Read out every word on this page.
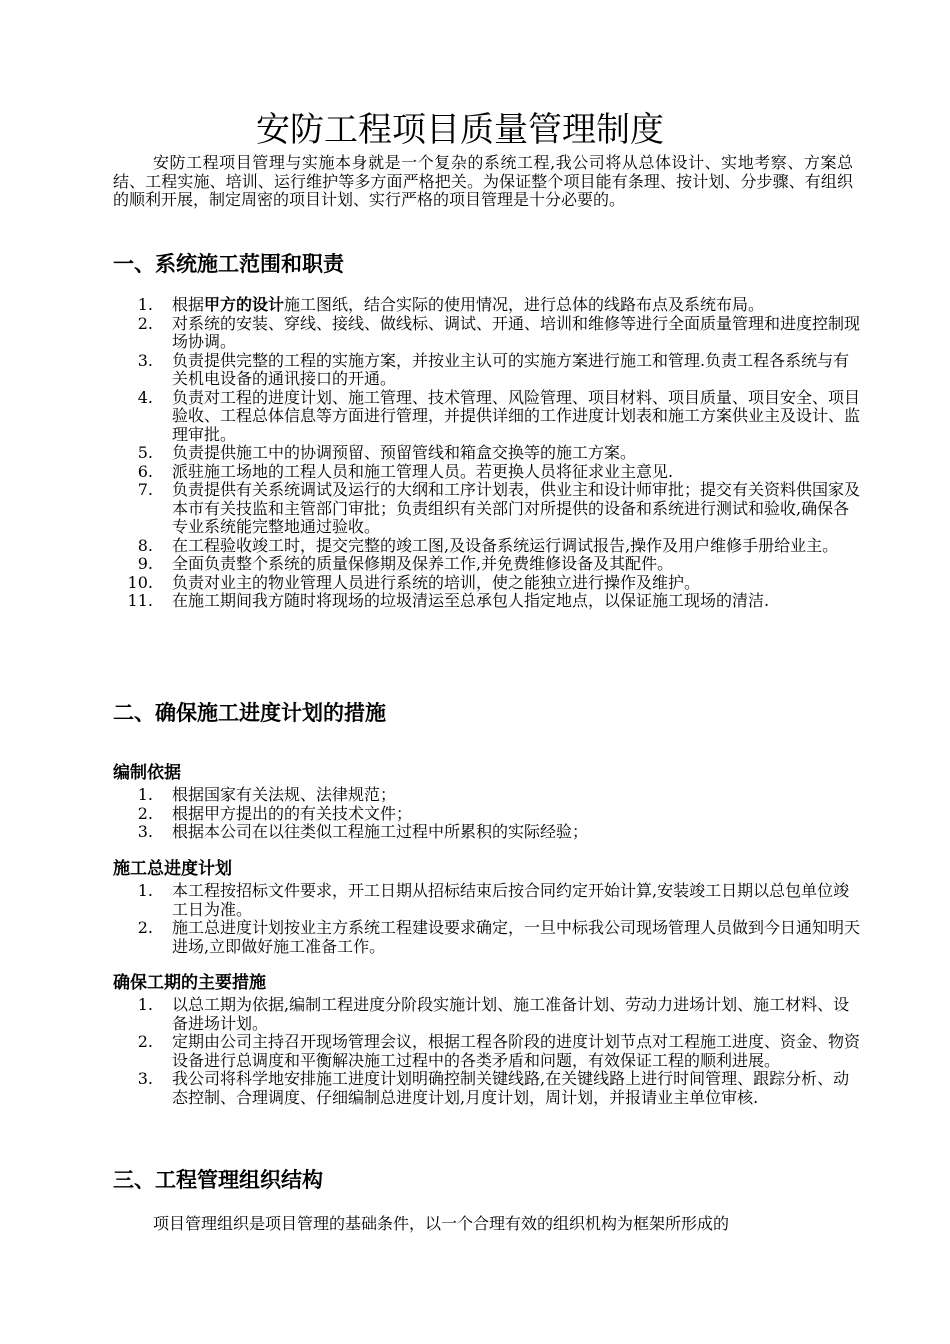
安防工程项目质量管理制度

安防工程项目管理与实施本身就是一个复杂的系统工程,我公司将从总体设计、实地考察、方案总结、工程实施、培训、运行维护等多方面严格把关。为保证整个项目能有条理、按计划、分步骤、有组织的顺利开展，制定周密的项目计划、实行严格的项目管理是十分必要的。

一、系统施工范围和职责
1. 根据甲方的设计施工图纸，结合实际的使用情况，进行总体的线路布点及系统布局。
2. 对系统的安装、穿线、接线、做线标、调试、开通、培训和维修等进行全面质量管理和进度控制现场协调。
3. 负责提供完整的工程的实施方案，并按业主认可的实施方案进行施工和管理.负责工程各系统与有关机电设备的通讯接口的开通。
4. 负责对工程的进度计划、施工管理、技术管理、风险管理、项目材料、项目质量、项目安全、项目验收、工程总体信息等方面进行管理，并提供详细的工作进度计划表和施工方案供业主及设计、监理审批。
5. 负责提供施工中的协调预留、预留管线和箱盒交换等的施工方案。
6. 派驻施工场地的工程人员和施工管理人员。若更换人员将征求业主意见.
7. 负责提供有关系统调试及运行的大纲和工序计划表，供业主和设计师审批；提交有关资料供国家及本市有关技监和主管部门审批；负责组织有关部门对所提供的设备和系统进行测试和验收,确保各专业系统能完整地通过验收。
8. 在工程验收竣工时，提交完整的竣工图,及设备系统运行调试报告,操作及用户维修手册给业主。
9. 全面负责整个系统的质量保修期及保养工作,并免费维修设备及其配件。
10. 负责对业主的物业管理人员进行系统的培训，使之能独立进行操作及维护。
11. 在施工期间我方随时将现场的垃圾清运至总承包人指定地点，以保证施工现场的清洁.
二、确保施工进度计划的措施
编制依据
1. 根据国家有关法规、法律规范；
2. 根据甲方提出的的有关技术文件；
3. 根据本公司在以往类似工程施工过程中所累积的实际经验；
施工总进度计划
1. 本工程按招标文件要求，开工日期从招标结束后按合同约定开始计算,安装竣工日期以总包单位竣工日为准。
2. 施工总进度计划按业主方系统工程建设要求确定，一旦中标我公司现场管理人员做到今日通知明天进场,立即做好施工准备工作。
确保工期的主要措施
1. 以总工期为依据,编制工程进度分阶段实施计划、施工准备计划、劳动力进场计划、施工材料、设备进场计划。
2. 定期由公司主持召开现场管理会议，根据工程各阶段的进度计划节点对工程施工进度、资金、物资设备进行总调度和平衡解决施工过程中的各类矛盾和问题，有效保证工程的顺利进展。
3. 我公司将科学地安排施工进度计划明确控制关键线路,在关键线路上进行时间管理、跟踪分析、动态控制、合理调度、仔细编制总进度计划,月度计划，周计划，并报请业主单位审核.
三、工程管理组织结构

项目管理组织是项目管理的基础条件，以一个合理有效的组织机构为框架所形成的
